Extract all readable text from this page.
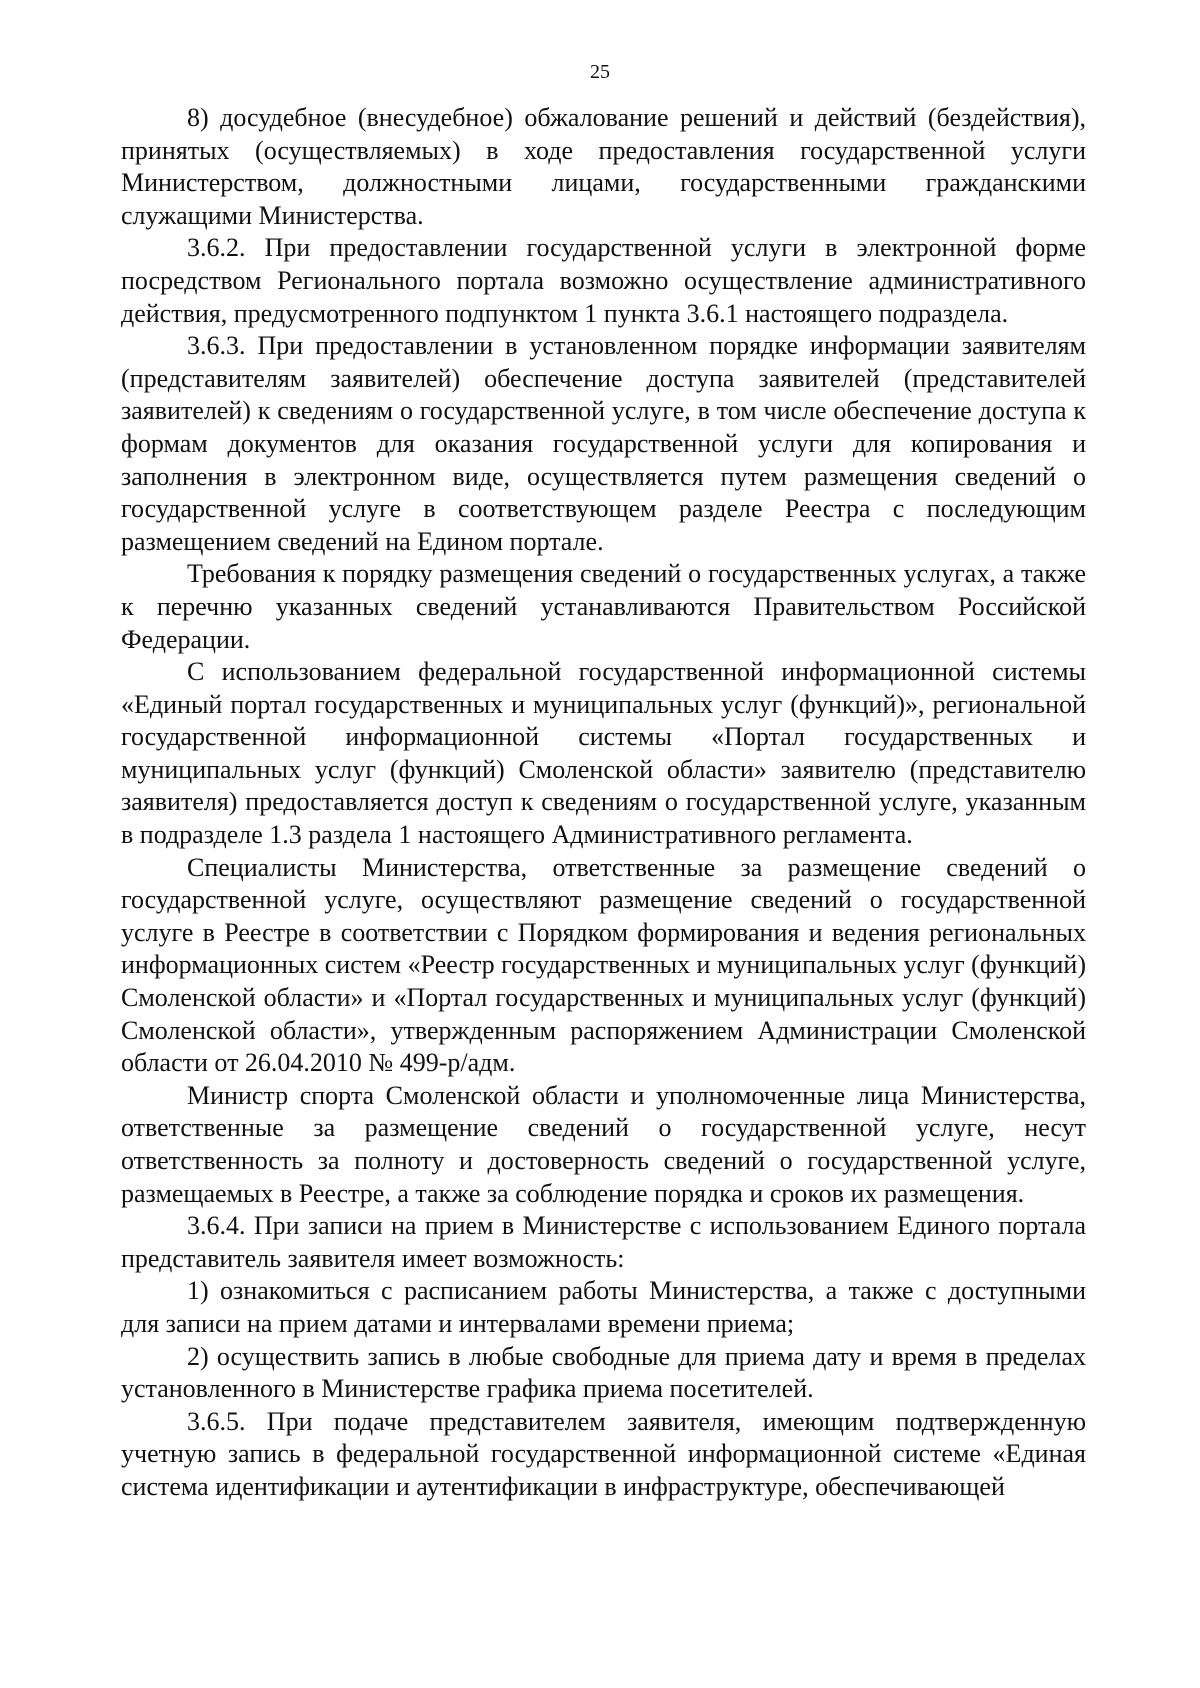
25

8) досудебное (внесудебное) обжалование решений и действий (бездействия), принятых (осуществляемых) в ходе предоставления государственной услуги Министерством, должностными лицами, государственными гражданскими служащими Министерства.

3.6.2. При предоставлении государственной услуги в электронной форме посредством Регионального портала возможно осуществление административного действия, предусмотренного подпунктом 1 пункта 3.6.1 настоящего подраздела.

3.6.3. При предоставлении в установленном порядке информации заявителям (представителям заявителей) обеспечение доступа заявителей (представителей заявителей) к сведениям о государственной услуге, в том числе обеспечение доступа к формам документов для оказания государственной услуги для копирования и заполнения в электронном виде, осуществляется путем размещения сведений о государственной услуге в соответствующем разделе Реестра с последующим размещением сведений на Едином портале.

Требования к порядку размещения сведений о государственных услугах, а также к перечню указанных сведений устанавливаются Правительством Российской Федерации.

С использованием федеральной государственной информационной системы «Единый портал государственных и муниципальных услуг (функций)», региональной государственной информационной системы «Портал государственных и муниципальных услуг (функций) Смоленской области» заявителю (представителю заявителя) предоставляется доступ к сведениям о государственной услуге, указанным в подразделе 1.3 раздела 1 настоящего Административного регламента.

Специалисты Министерства, ответственные за размещение сведений о государственной услуге, осуществляют размещение сведений о государственной услуге в Реестре в соответствии с Порядком формирования и ведения региональных информационных систем «Реестр государственных и муниципальных услуг (функций) Смоленской области» и «Портал государственных и муниципальных услуг (функций) Смоленской области», утвержденным распоряжением Администрации Смоленской области от 26.04.2010 № 499-р/адм.

Министр спорта Смоленской области и уполномоченные лица Министерства, ответственные за размещение сведений о государственной услуге, несут ответственность за полноту и достоверность сведений о государственной услуге, размещаемых в Реестре, а также за соблюдение порядка и сроков их размещения.

3.6.4. При записи на прием в Министерстве с использованием Единого портала представитель заявителя имеет возможность:

1) ознакомиться с расписанием работы Министерства, а также с доступными для записи на прием датами и интервалами времени приема;

2) осуществить запись в любые свободные для приема дату и время в пределах установленного в Министерстве графика приема посетителей.

3.6.5. При подаче представителем заявителя, имеющим подтвержденную учетную запись в федеральной государственной информационной системе «Единая система идентификации и аутентификации в инфраструктуре, обеспечивающей
